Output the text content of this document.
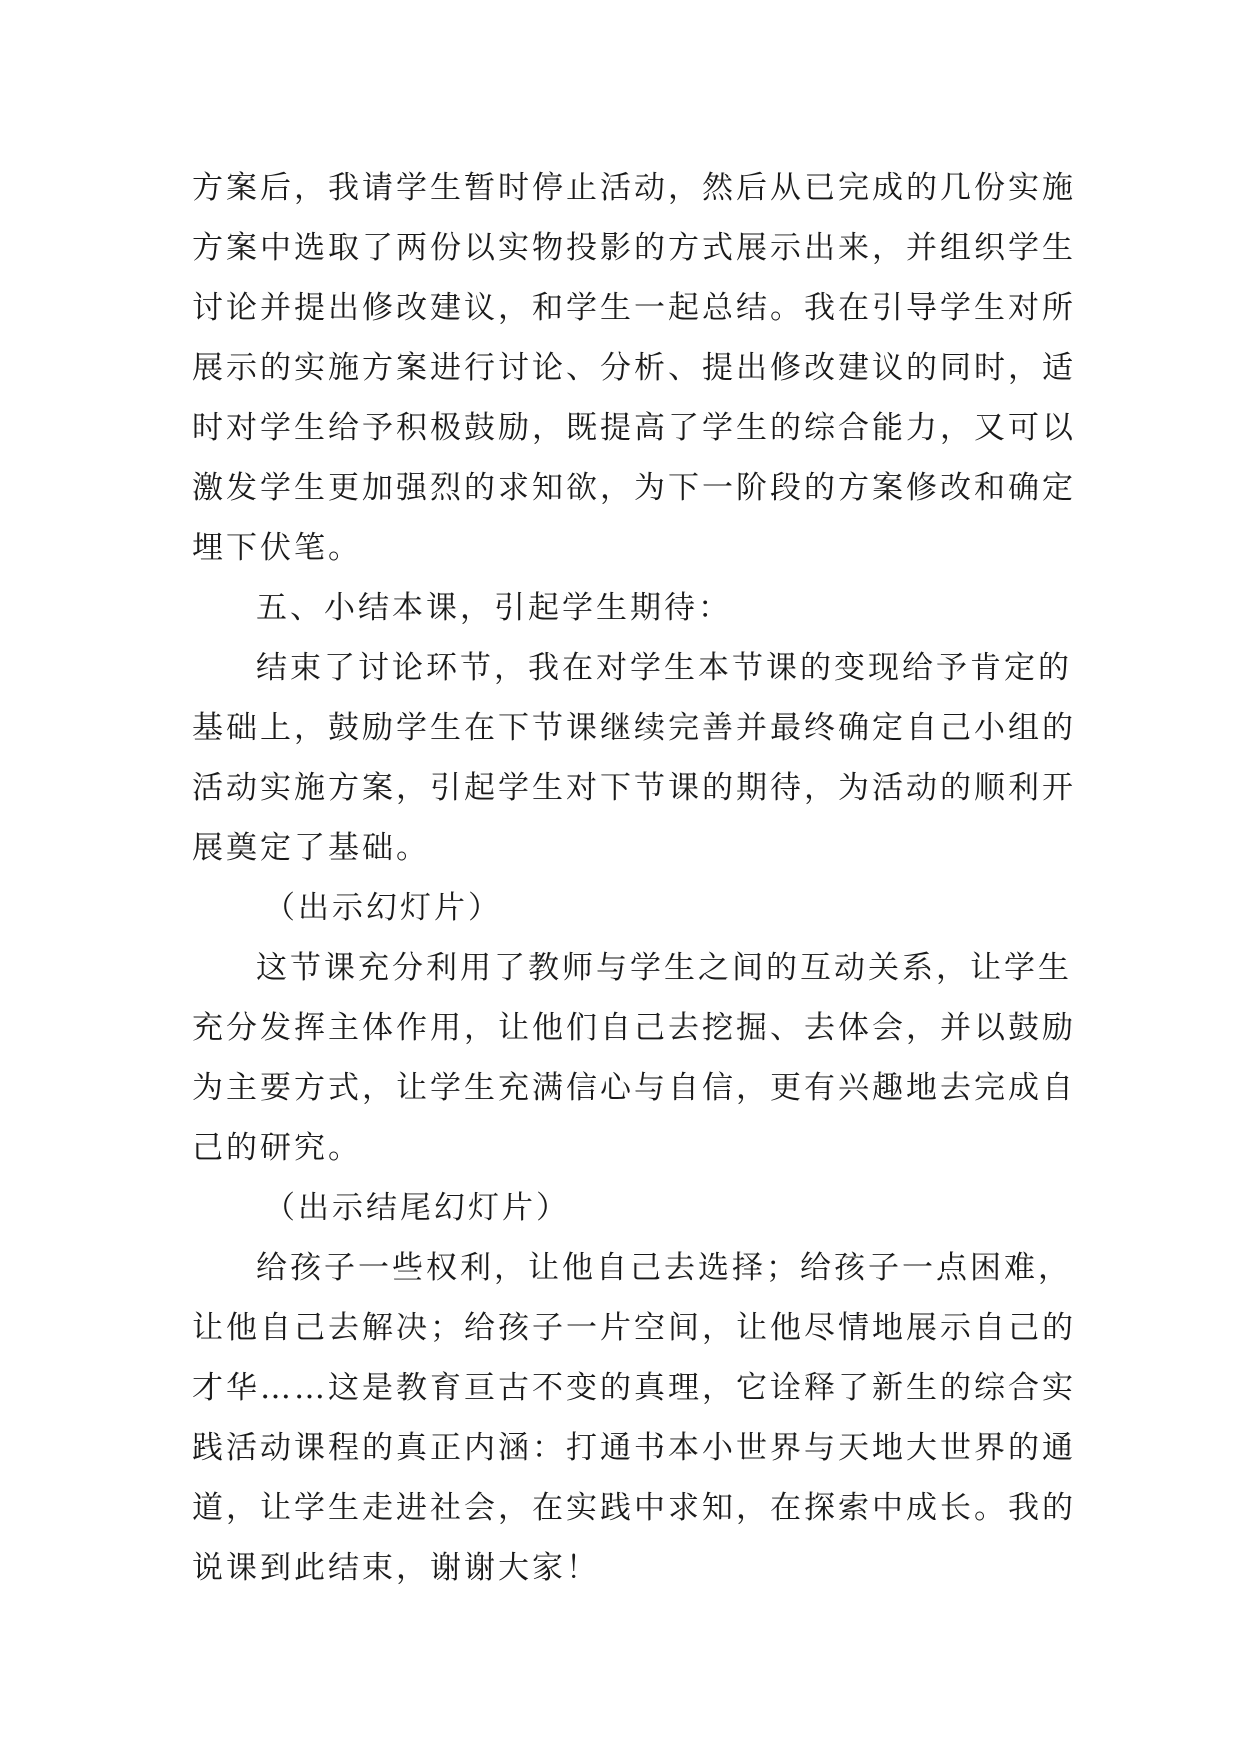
方案后，我请学生暂时停止活动，然后从已完成的几份实施
方案中选取了两份以实物投影的方式展示出来，并组织学生
讨论并提出修改建议，和学生一起总结。我在引导学生对所
展示的实施方案进行讨论、分析、提出修改建议的同时，适
时对学生给予积极鼓励，既提高了学生的综合能力，又可以
激发学生更加强烈的求知欲，为下一阶段的方案修改和确定
埋下伏笔。
五、小结本课，引起学生期待：
结束了讨论环节，我在对学生本节课的变现给予肯定的
基础上，鼓励学生在下节课继续完善并最终确定自己小组的
活动实施方案，引起学生对下节课的期待，为活动的顺利开
展奠定了基础。
（出示幻灯片）
这节课充分利用了教师与学生之间的互动关系，让学生
充分发挥主体作用，让他们自己去挖掘、去体会，并以鼓励
为主要方式，让学生充满信心与自信，更有兴趣地去完成自
己的研究。
（出示结尾幻灯片）
给孩子一些权利，让他自己去选择；给孩子一点困难，
让他自己去解决；给孩子一片空间，让他尽情地展示自己的
才华……这是教育亘古不变的真理，它诠释了新生的综合实
践活动课程的真正内涵：打通书本小世界与天地大世界的通
道，让学生走进社会，在实践中求知，在探索中成长。我的
说课到此结束，谢谢大家！
